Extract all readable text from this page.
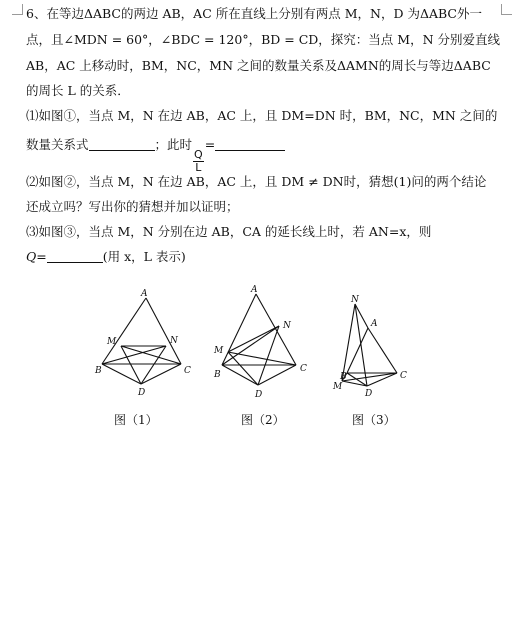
6、在等边ΔABC的两边 AB，AC 所在直线上分别有两点 M，N，D 为ΔABC外一
点，且∠MDN = 60°，∠BDC = 120°，BD = CD，探究：当点 M，N 分别爱直线
AB，AC 上移动时，BM，NC，MN 之间的数量关系及ΔAMN的周长与等边ΔABC
的周长 L 的关系．
⑴如图①，当点 M，N 在边 AB，AC 上，且 DM=DN 时，BM，NC，MN 之间的
数量关系式	；此时
$\frac{Q}{L}$
=
⑵如图②，当点 M，N 在边 AB，AC 上，且 DM ≠ DN时，猜想(1)问的两个结论
还成立吗？写出你的猜想并加以证明；
⑶如图③，当点 M，N 分别在边 AB，CA 的延长线上时，若 AN=x，则
Q=	(用 x，L 表示)
A
M	N
B	C
D
A
M
N
B
C
D
N
A
B	C
M
D
图（1）	图（2）	图（3）
